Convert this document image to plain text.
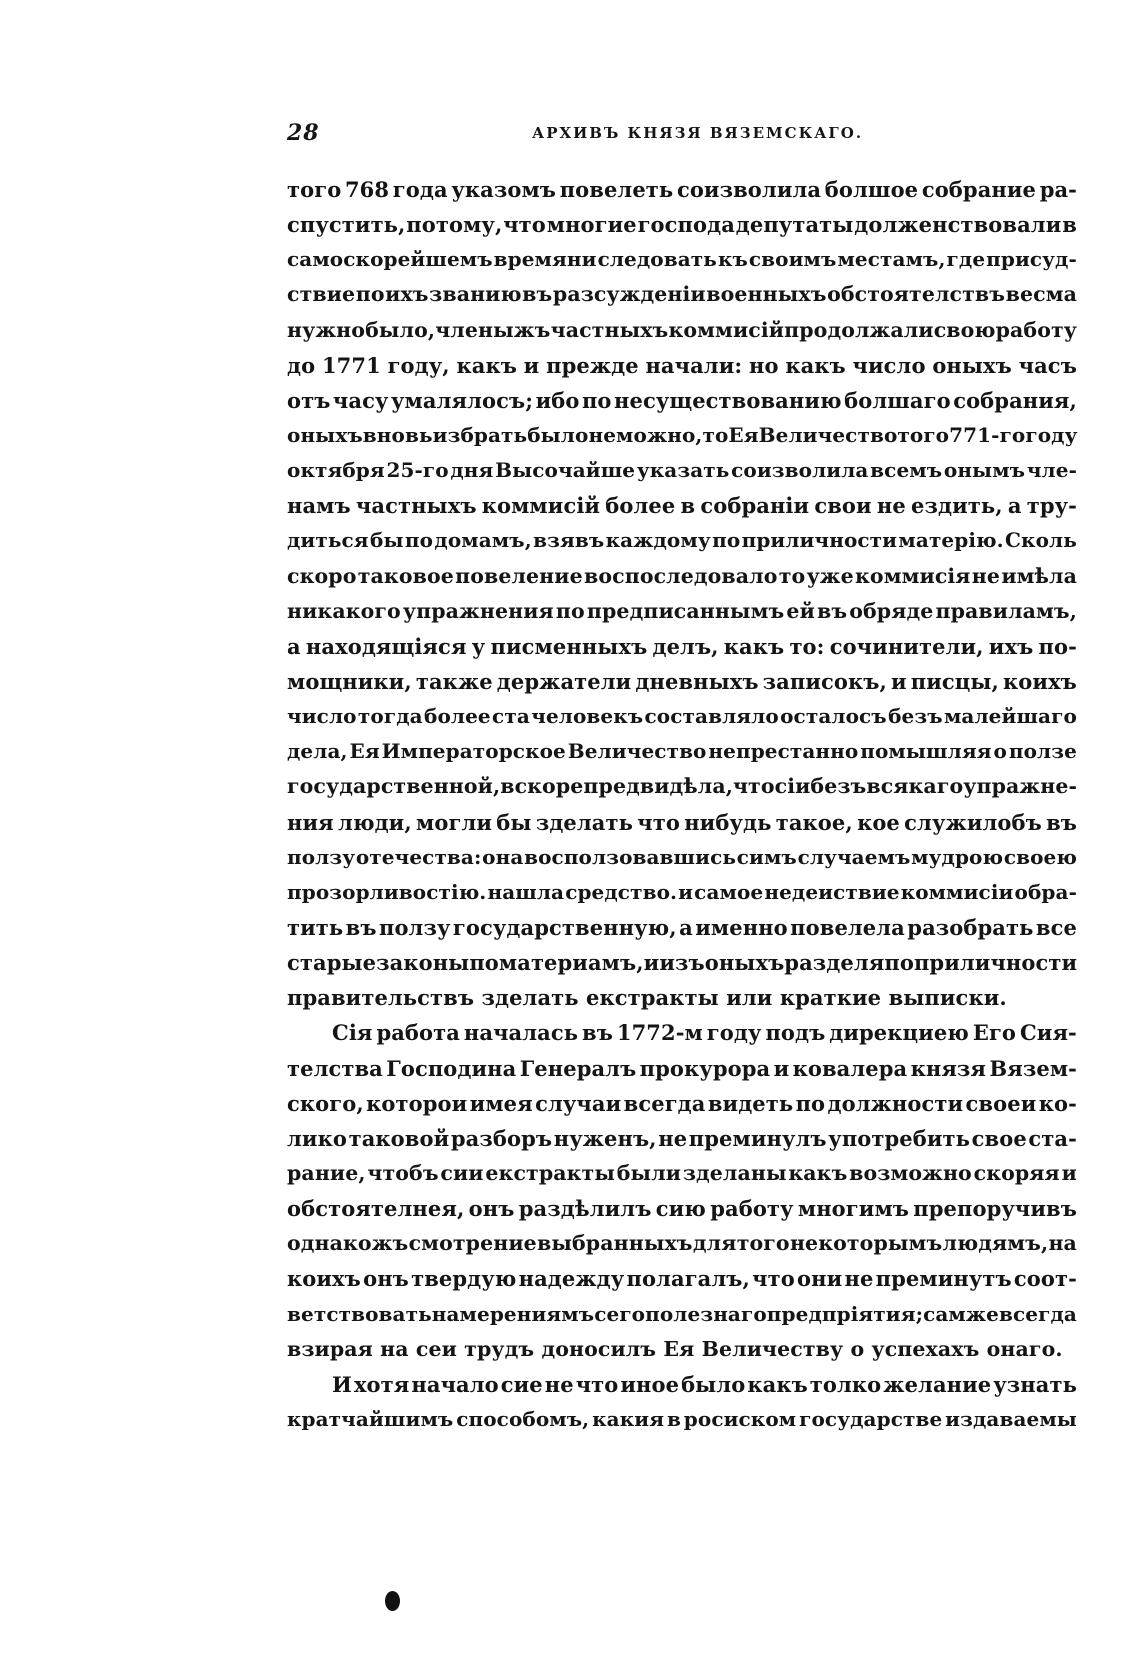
28	АРХИВЪ КНЯЗЯ ВЯЗЕМСКАГО.
того 768 года указомъ повелеть соизволила болшое собрание ра-
спустить, потому, что многие господа депутаты долженствовали в
самоскорейшемъ времяни следовать къ своимъ местамъ, где присуд-
ствие по ихъ званию въ разсужденіи военныхъ обстоятелствъ весма
нужно было, члены жъ частныхъ коммисій продолжали свою работу
до 1771 году, какъ и прежде начали: но какъ число оныхъ часъ
отъ часу умалялосъ; ибо по несуществованию болшаго собрания,
оныхъ вновь избрать было не можно, то Ея Величество того 771-го году
октября 25-го дня Высочайше указать соизволила всемъ онымъ чле-
намъ частныхъ коммисій более в собраніи свои не ездить, а тру-
диться бы по домамъ, взявъ каждому по приличности матерію. Сколь
скоро таковое повеление воспоследовало то уже коммисія не имѣла
никакого упражнения по предписаннымъ ей въ обряде правиламъ,
а находящіяся у писменныхъ делъ, какъ то: сочинители, ихъ по-
мощники, также держатели дневныхъ записокъ, и писцы, коихъ
число тогда более ста человекъ составляло осталосъ безъ малейшаго
дела, Ея Императорское Величество непрестанно помышляя о ползе
государственной, вскоре предвидѣла, что сіи безъ всякаго упражне-
ния люди, могли бы зделать что нибудь такое, кое служилобъ въ
ползу отечества: она восползовавшись симъ случаемъ мудрою своею
прозорливостію. нашла средство. и самое недеиствие коммисіи обра-
тить въ ползу государственную, а именно повелела разобрать все
старые законы по материамъ, и изъ оныхъ разделя по приличности
правительствъ зделать екстракты или краткие выписки.
Сія работа началась въ 1772-м году подъ дирекциею Его Сия-
телства Господина Генералъ прокурора и ковалера князя Вязем-
ского, которои имея случаи всегда видеть по должности своеи ко-
лико таковой разборъ нуженъ, не преминулъ употребить свое ста-
рание, чтобъ сии екстракты были зделаны какъ возможно скоряя и
обстоятелнея, онъ раздѣлилъ сию работу многимъ препоручивъ
однакожъ смотрение выбранныхъ для того некоторымъ людямъ, на
коихъ онъ твердую надежду полагалъ, что они не преминутъ соот-
ветствовать намерениямъ сего полезнаго предпріятия; сам же всегда
взирая на сеи трудъ доносилъ Ея Величеству о успехахъ онаго.
И хотя начало сие не что иное было какъ толко желание узнать
кратчайшимъ способомъ, какия в росиском государстве издаваемы
